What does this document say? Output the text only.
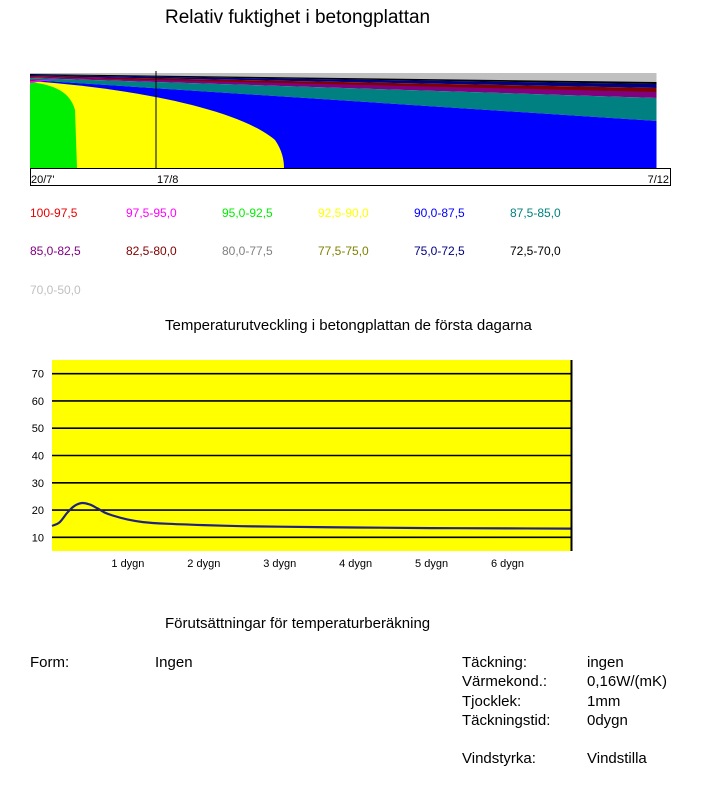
Relativ fuktighet i betongplattan
20/7'	17/8	7/12
100-97,5	97,5-95,0	95,0-92,5	92,5-90,0	90,0-87,5	87,5-85,0
85,0-82,5	82,5-80,0	80,0-77,5	77,5-75,0	75,0-72,5	72,5-70,0
70,0-50,0
Temperaturutveckling i betongplattan de första dagarna
10
20
30
40
50
60
70
1 dygn	2 dygn	3 dygn	4 dygn	5 dygn	6 dygn
Förutsättningar för temperaturberäkning
Form:	Ingen	Täckning:	ingen
Värmekond.:	0,16W/(mK)
Tjocklek:	1mm
Täckningstid: 0dygn
Vindstyrka:	Vindstilla
